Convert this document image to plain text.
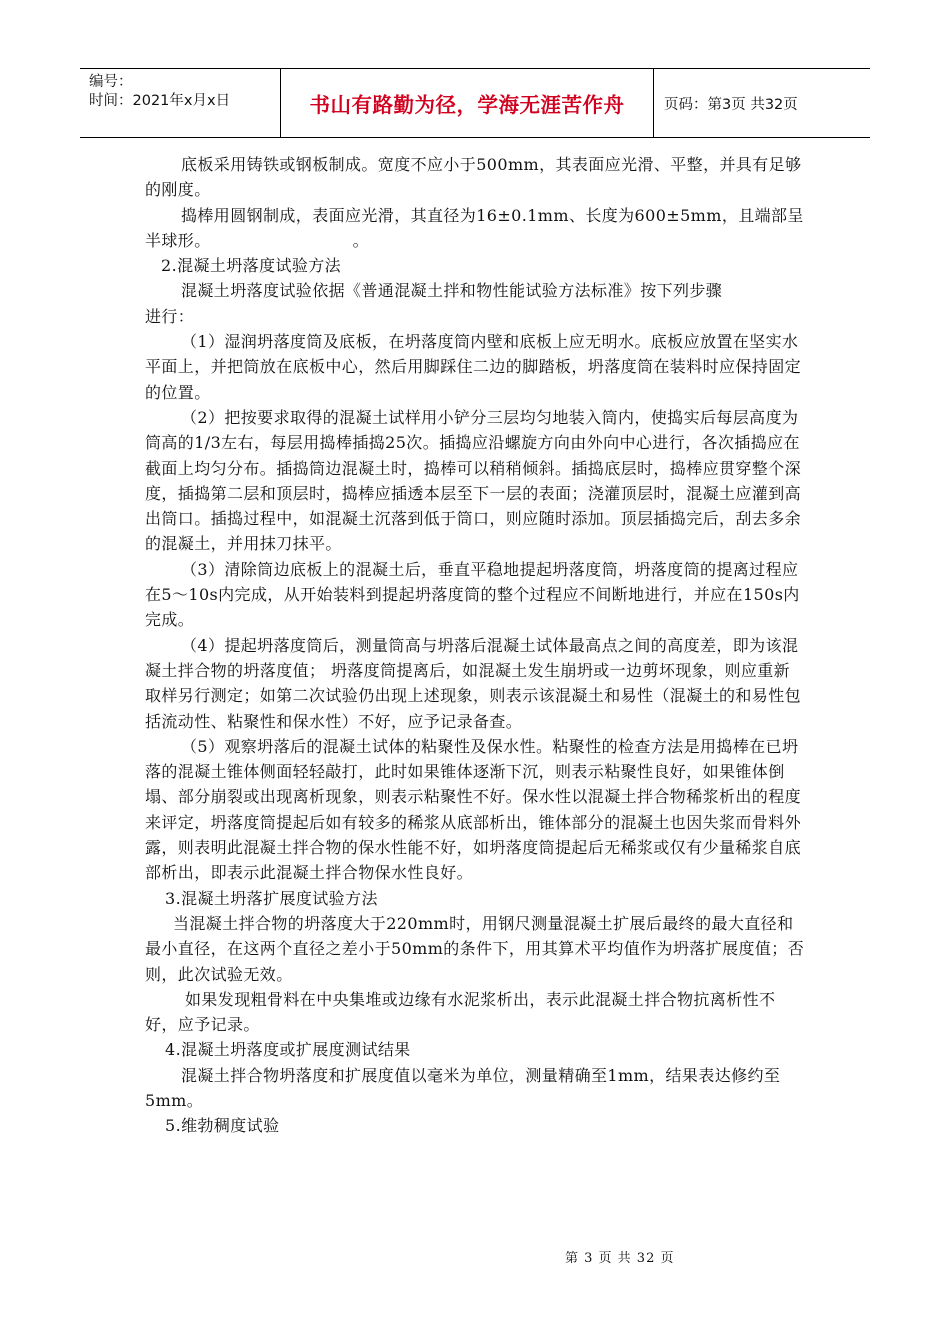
编号：
时间：2021年x月x日	书山有路勤为径，学海无涯苦作舟	页码：第3页 共32页

底板采用铸铁或钢板制成。宽度不应小于500mm，其表面应光滑、平整，并具有足够的刚度。

捣棒用圆钢制成，表面应光滑，其直径为16±0.1mm、长度为600±5mm，且端部呈半球形。	。

2.混凝土坍落度试验方法

混凝土坍落度试验依据《普通混凝土拌和物性能试验方法标准》按下列步骤

进行：

（1）湿润坍落度筒及底板，在坍落度筒内壁和底板上应无明水。底板应放置在坚实水平面上，并把筒放在底板中心，然后用脚踩住二边的脚踏板，坍落度筒在装料时应保持固定的位置。

（2）把按要求取得的混凝土试样用小铲分三层均匀地装入筒内，使捣实后每层高度为筒高的1/3左右，每层用捣棒插捣25次。插捣应沿螺旋方向由外向中心进行，各次插捣应在截面上均匀分布。插捣筒边混凝土时，捣棒可以稍稍倾斜。插捣底层时，捣棒应贯穿整个深度，插捣第二层和顶层时，捣棒应插透本层至下一层的表面；浇灌顶层时，混凝土应灌到高出筒口。插捣过程中，如混凝土沉落到低于筒口，则应随时添加。顶层插捣完后，刮去多余的混凝土，并用抹刀抹平。

（3）清除筒边底板上的混凝土后，垂直平稳地提起坍落度筒，坍落度筒的提离过程应在5～10s内完成，从开始装料到提起坍落度筒的整个过程应不间断地进行，并应在150s内完成。

（4）提起坍落度筒后，测量筒高与坍落后混凝土试体最高点之间的高度差，即为该混凝土拌合物的坍落度值； 坍落度筒提离后，如混凝土发生崩坍或一边剪坏现象，则应重新取样另行测定；如第二次试验仍出现上述现象，则表示该混凝土和易性（混凝土的和易性包括流动性、粘聚性和保水性）不好，应予记录备查。

（5）观察坍落后的混凝土试体的粘聚性及保水性。粘聚性的检查方法是用捣棒在已坍落的混凝土锥体侧面轻轻敲打，此时如果锥体逐渐下沉，则表示粘聚性良好，如果锥体倒塌、部分崩裂或出现离析现象，则表示粘聚性不好。保水性以混凝土拌合物稀浆析出的程度来评定，坍落度筒提起后如有较多的稀浆从底部析出，锥体部分的混凝土也因失浆而骨料外露，则表明此混凝土拌合物的保水性能不好，如坍落度筒提起后无稀浆或仅有少量稀浆自底部析出，即表示此混凝土拌合物保水性良好。

3.混凝土坍落扩展度试验方法

当混凝土拌合物的坍落度大于220mm时，用钢尺测量混凝土扩展后最终的最大直径和最小直径，在这两个直径之差小于50mm的条件下，用其算术平均值作为坍落扩展度值；否则，此次试验无效。

如果发现粗骨料在中央集堆或边缘有水泥浆析出，表示此混凝土拌合物抗离析性不好，应予记录。

4.混凝土坍落度或扩展度测试结果

混凝土拌合物坍落度和扩展度值以毫米为单位，测量精确至1mm，结果表达修约至5mm。

5.维勃稠度试验

第 3 页 共 32 页
